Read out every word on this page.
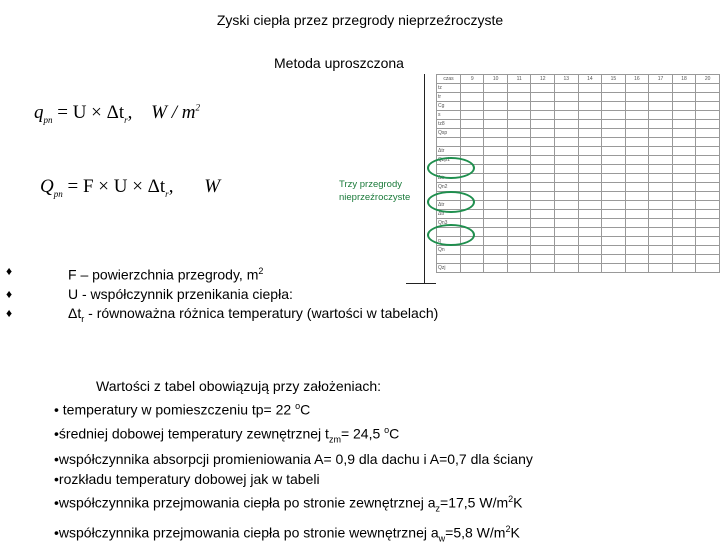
Zyski ciepła przez przegrody nieprzeźroczyste
Metoda uproszczona
$q_{pn} = U \times \Delta t_r$, W / $m^2$
$Q_{pn} = F \times U \times \Delta t_r$, W	Trzy przegrody nieprzeźroczyste
czas	9	10	11	12	13	14	15	16	17	18	20
tz											
tr											
Cg											
s											
tz8											
Qsp											

Δtr											
Qzp1											

Δtr											
Qn2											

Δtr											
Δtr											
Qn3											

q											
Qn											

Qzj											
♦	F – powierzchnia przegrody, $m^2$
♦	U - współczynnik przenikania ciepła:
♦	$\Delta t_r$ - równoważna różnica temperatury (wartości w tabelach)
Wartości z tabel obowiązują przy założeniach:
• temperatury w pomieszczeniu tp= 22 $^o$C
•średniej dobowej temperatury zewnętrznej $t_{zm}= 24,5$ $^o$C
•współczynnika absorpcji promieniowania A= 0,9 dla dachu i A=0,7 dla ściany
•rozkładu temperatury dobowej jak w tabeli
•współczynnika przejmowania ciepła po stronie zewnętrznej $a_z=17,5$ $W/m^2K$
•współczynnika przejmowania ciepła po stronie wewnętrznej $a_w=5,8$ $W/m^2K$
